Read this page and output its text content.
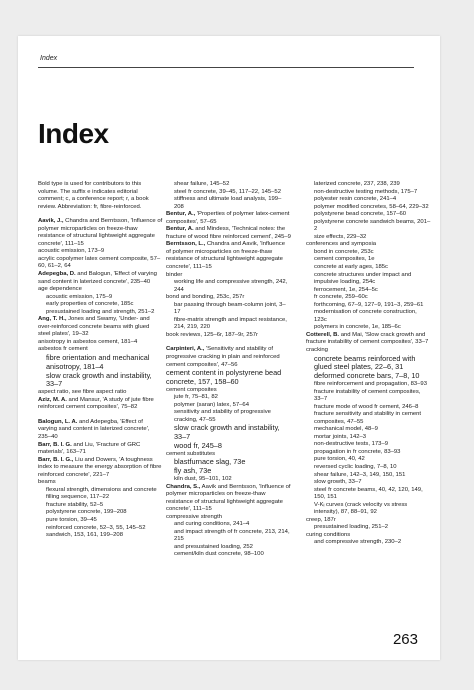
Index
Index

Bold type is used for contributors to this volume. The suffix e indicates editorial comment; c, a conference report; r, a book review. Abbreviation: fr, fibre-reinforced.

Aavik, J., Chandra and Berntsson, 'Influence of polymer microparticles on freeze-thaw resistance of structural lightweight aggregate concrete', 111–15

acoustic emission, 173–9

acrylic copolymer latex cement composite, 57–60, 61–2, 64

Adepegba, D. and Balogun, 'Effect of varying sand content in laterized concrete', 235–40

age dependence

acoustic emission, 175–9

early properties of concrete, 185c

presustained loading and strength, 251–2

Ang, T. H., Jones and Swamy, 'Under- and over-reinforced concrete beams with glued steel plates', 19–32

anisotropy in asbestos cement, 181–4

asbestos fr cement

fibre orientation and mechanical anisotropy, 181–4

slow crack growth and instability, 33–7

aspect ratio, see fibre aspect ratio

Aziz, M. A. and Mansur, 'A study of jute fibre reinforced cement composites', 75–82

Balogun, L. A. and Adepegba, 'Effect of varying sand content in laterized concrete', 235–40

Barr, B. I. G. and Liu, 'Fracture of GRC materials', 163–71

Barr, B. I. G., Liu and Dowers, 'A toughness index to measure the energy absorption of fibre reinforced concrete', 221–7

beams

flexural strength, dimensions and concrete filling sequence, 117–22

fracture stability, 52–5

polystyrene concrete, 199–208

pure torsion, 39–45

reinforced concrete, 52–3, 55, 145–52

sandwich, 153, 161, 199–208

shear failure, 145–52

steel fr concrete, 39–45, 117–22, 145–52

stiffness and ultimate load analysis, 199–208

Bentur, A., 'Properties of polymer latex-cement composites', 57–65

Bentur, A. and Mindess, 'Technical notes: the fracture of wood fibre reinforced cement', 245–9

Berntsson, L., Chandra and Aavik, 'Influence of polymer microparticles on freeze-thaw resistance of structural lightweight aggregate concrete', 111–15

binder

working life and compressive strength, 242, 244

bond and bonding, 253c, 257r

bar passing through beam-column joint, 3–17

fibre-matrix strength and impact resistance, 214, 219, 220

book reviews, 125–6r, 187–9r, 257r

Carpinteri, A., 'Sensitivity and stability of progressive cracking in plain and reinforced cement composites', 47–56

cement content in polystyrene bead concrete, 157, 158–60

cement composites

jute fr, 75–81, 82

polymer (saran) latex, 57–64

sensitivity and stability of progressive cracking, 47–55

slow crack growth and instability, 33–7

wood fr, 245–8

cement substitutes

blastfurnace slag, 73e

fly ash, 73e

kiln dust, 95–101, 102

Chandra, S., Aavik and Berntsson, 'Influence of polymer microparticles on freeze-thaw resistance of structural lightweight aggregate concrete', 111–15

compressive strength

and curing conditions, 241–4

and impact strength of fr concrete, 213, 214, 215

and presustained loading, 252

cement/kiln dust concrete, 98–100

laterized concrete, 237, 238, 239

non-destructive testing methods, 175–7

polyester resin concrete, 241–4

polymer modified concretes, 58–64, 229–32

polystyrene bead concrete, 157–60

polystyrene concrete sandwich beams, 201–2

size effects, 229–32

conferences and symposia

bond in concrete, 253c

cement composites, 1e

concrete at early ages, 185c

concrete structures under impact and impulsive loading, 254c

ferrocement, 1e, 254–5c

fr concrete, 259–60c

forthcoming, 67–9, 127–9, 191–3, 259–61

modernisation of concrete construction, 123c

polymers in concrete, 1e, 185–6c

Cotterell, B. and Mai, 'Slow crack growth and fracture instability of cement composites', 33–7

cracking

concrete beams reinforced with glued steel plates, 22–6, 31

deformed concrete bars, 7–8, 10

fibre reinforcement and propagation, 83–93

fracture instability of cement composites, 33–7

fracture mode of wood fr cement, 246–8

fracture sensitivity and stability in cement composites, 47–55

mechanical model, 48–9

mortar joints, 142–3

non-destructive tests, 173–9

propagation in fr concrete, 83–93

pure torsion, 40, 42

reversed cyclic loading, 7–8, 10

shear failure, 142–3, 149, 150, 151

slow growth, 33–7

steel fr concrete beams, 40, 42, 120, 149, 150, 151

V-Kᵢ curves (crack velocity vs stress intensity), 87, 88–91, 92

creep, 187r

presustained loading, 251–2

curing conditions

and compressive strength, 230–2

263
